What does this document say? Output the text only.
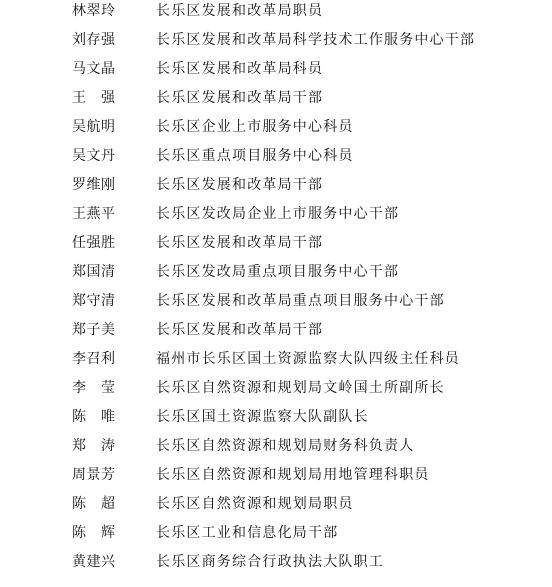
林翠玲	长乐区发展和改革局职员
刘存强	长乐区发展和改革局科学技术工作服务中心干部
马文晶	长乐区发展和改革局科员
王　强	长乐区发展和改革局干部
吴航明	长乐区企业上市服务中心科员
吴文丹	长乐区重点项目服务中心科员
罗维刚	长乐区发展和改革局干部
王燕平	长乐区发改局企业上市服务中心干部
任强胜	长乐区发展和改革局干部
郑国清	长乐区发改局重点项目服务中心干部
郑守清	长乐区发展和改革局重点项目服务中心干部
郑子美	长乐区发展和改革局干部
李召利	福州市长乐区国土资源监察大队四级主任科员
李　莹	长乐区自然资源和规划局文岭国土所副所长
陈　唯	长乐区国土资源监察大队副队长
郑　涛	长乐区自然资源和规划局财务科负责人
周景芳	长乐区自然资源和规划局用地管理科职员
陈　超	长乐区自然资源和规划局职员
陈　辉	长乐区工业和信息化局干部
黄建兴	长乐区商务综合行政执法大队职工
